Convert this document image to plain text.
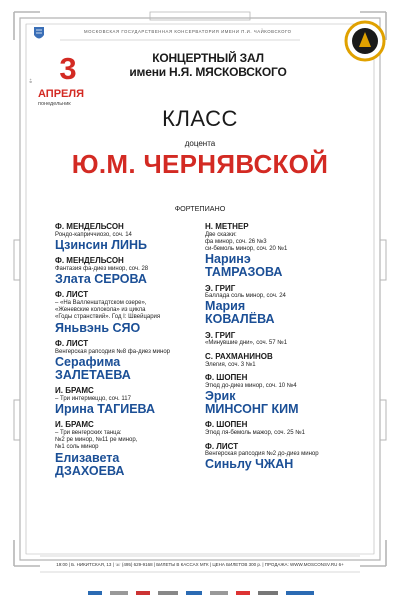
МОСКОВСКАЯ ГОСУДАРСТВЕННАЯ КОНСЕРВАТОРИЯ ИМЕНИ П.И. ЧАЙКОВСКОГО
КОНЦЕРТНЫЙ ЗАЛ
имени Н.Я. МЯСКОВСКОГО
6+ 3
АПРЕЛЯ
понедельник
КЛАСС
доцента
Ю.М. ЧЕРНЯВСКОЙ
ФОРТЕПИАНО
Ф. МЕНДЕЛЬСОН
Рондо-каприччиозо, соч. 14
Цзинсин ЛИНЬ
Ф. МЕНДЕЛЬСОН
Фантазия фа-диез минор, соч. 28
Злата СЕРОВА
Ф. ЛИСТ
– «На Валленштадтском озере»,
«Женевские колокола» из цикла
«Годы странствий». Год I: Швейцария
Яньвэнь СЯО
Ф. ЛИСТ
Венгерская рапсодия №8 фа-диез минор
Серафима
ЗАЛЕТАЕВА
И. БРАМС
– Три интермеццо, соч. 117
Ирина ТАГИЕВА
И. БРАМС
– Три венгерских танца:
№2 ре минор, №11 ре минор,
№1 соль минор
Елизавета
ДЗАХОЕВА
Н. МЕТНЕР
Две сказки:
фа минор, соч. 26 №3
си-бемоль минор, соч. 20 №1
Наринэ
ТАМРАЗОВА
Э. ГРИГ
Баллада соль минор, соч. 24
Мария
КОВАЛЁВА
Э. ГРИГ
«Минувшие дни», соч. 57 №1
С. РАХМАНИНОВ
Элегия, соч. 3 №1
Ф. ШОПЕН
Этюд до-диез минор, соч. 10 №4
Эрик
МИНСОНГ КИМ
Ф. ШОПЕН
Этюд ля-бемоль мажор, соч. 25 №1
Ф. ЛИСТ
Венгерская рапсодия №2 до-диез минор
Синьлу ЧЖАН
19:00 | Б. НИКИТСКАЯ, 13 | ☏ (495) 629-9168 | БИЛЕТЫ В КАССАХ МГК | ЦЕНА БИЛЕТОВ 300 р. | ПРОДАЖА: WWW.MOSCONSV.RU 6+
